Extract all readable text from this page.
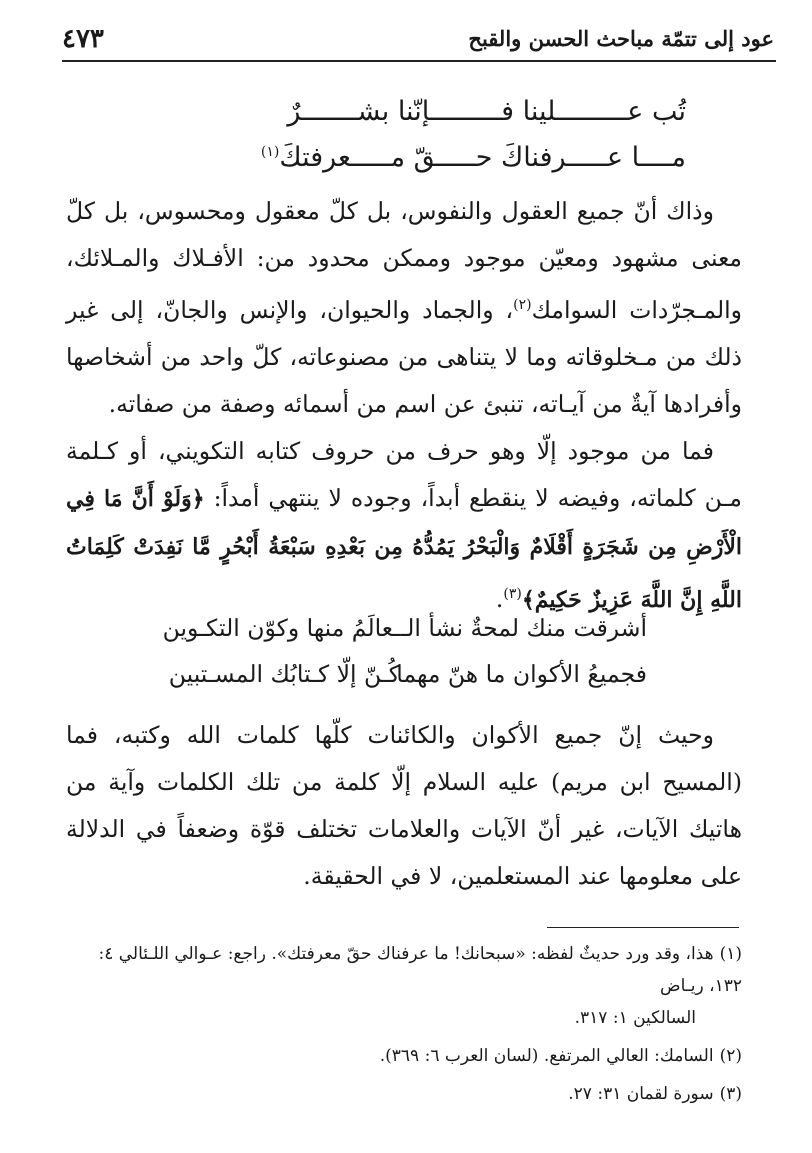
عود إلى تتمّة مباحث الحسن والقبح
٤٧٣
تُب عـــــــــلينا فـــــــــإنّنا بشـــــــرٌ
مــــا عـــــرفناكَ حـــــقّ مـــــعرفتكَ$^{(١)}$

وذاك أنّ جميع العقول والنفوس، بل كلّ معقول ومحسوس، بل كلّ معنى مشهود ومعيّن موجود وممكن محدود من: الأفـلاك والمـلائك، والمـجرّدات السوامك$^{(٢)}$، والجماد والحيوان، والإنس والجانّ، إلى غير ذلك من مـخلوقاته وما لا يتناهى من مصنوعاته، كلّ واحد من أشخاصها وأفرادها آيةٌ من آيـاته، تنبئ عن اسم من أسمائه وصفة من صفاته.

فما من موجود إلّا وهو حرف من حروف كتابه التكويني، أو كـلمة مـن كلماته، وفيضه لا ينقطع أبداً، وجوده لا ينتهي أمداً: ﴿وَلَوْ أَنَّ مَا فِي الْأَرْضِ مِن شَجَرَةٍ أَقْلَامٌ وَالْبَحْرُ يَمُدُّهُ مِن بَعْدِهِ سَبْعَةُ أَبْحُرٍ مَّا نَفِدَتْ كَلِمَاتُ اللَّهِ إِنَّ اللَّهَ عَزِيزٌ حَكِيمٌ﴾$^{(٣)}$.

أشرقت منك لمحةٌ نشأ الـ
ـعالَمُ منها وكوّن التكـوين
فجميعُ الأكوان ما هنّ مهما
كُـنّ إلّا كـتابُك المسـتبين

وحيث إنّ جميع الأكوان والكائنات كلّها كلمات الله وكتبه، فما (المسيح ابن مريم) عليه السلام إلّا كلمة من تلك الكلمات وآية من هاتيك الآيات، غير أنّ الآيات والعلامات تختلف قوّة وضعفاً في الدلالة على معلومها عند المستعلمين، لا في الحقيقة.

(١)هذا، وقد ورد حديثٌ لفظه: «سبحانك! ما عرفناك حقّ معرفتك». راجع: عـوالي اللـئالي ٤: ١٣٢، ريـاض
السالكين ١: ٣١٧.

(٢)السامك: العالي المرتفع. (لسان العرب ٦: ٣٦٩).

(٣)سورة لقمان ٣١: ٢٧.
